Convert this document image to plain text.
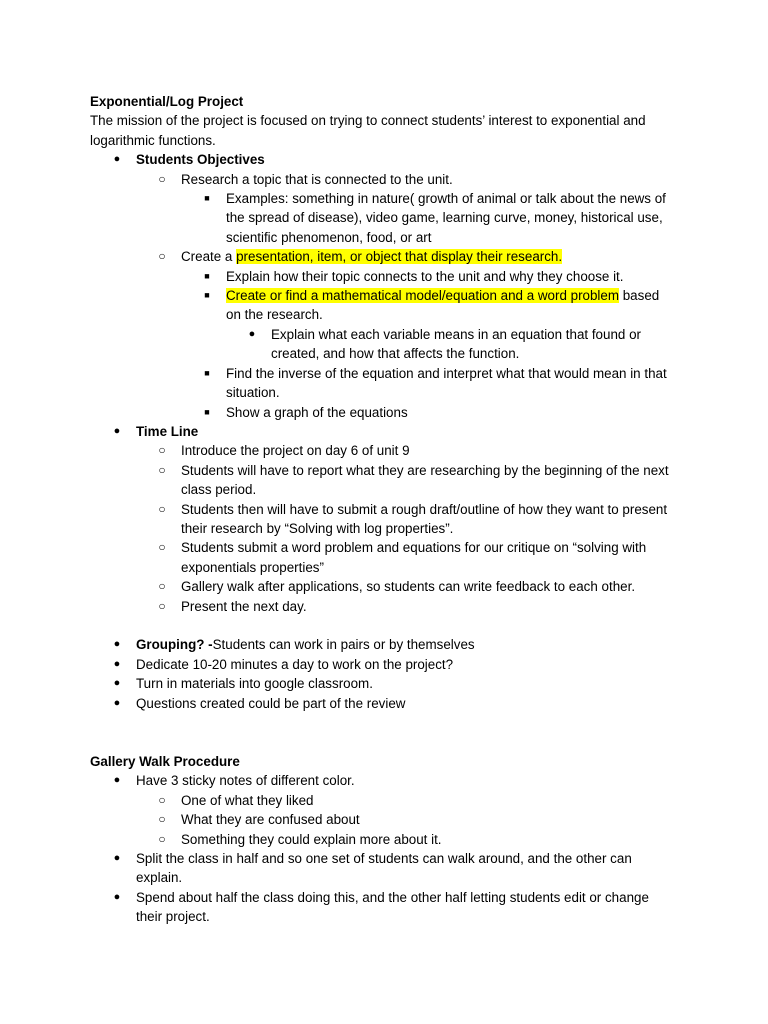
Exponential/Log Project
The mission of the project is focused on trying to connect students’ interest to exponential and logarithmic functions.
● Students Objectives
○ Research a topic that is connected to the unit.
■ Examples: something in nature( growth of animal or talk about the news of the spread of disease), video game, learning curve, money, historical use, scientific phenomenon, food, or art
○ Create a presentation, item, or object that display their research.
■ Explain how their topic connects to the unit and why they choose it.
■ Create or find a mathematical model/equation and a word problem based on the research.
● Explain what each variable means in an equation that found or created, and how that affects the function.
■ Find the inverse of the equation and interpret what that would mean in that situation.
■ Show a graph of the equations
● Time Line
○ Introduce the project on day 6 of unit 9
○ Students will have to report what they are researching by the beginning of the next class period.
○ Students then will have to submit a rough draft/outline of how they want to present their research by “Solving with log properties”.
○ Students submit a word problem and equations for our critique on “solving with exponentials properties”
○ Gallery walk after applications, so students can write feedback to each other.
○ Present the next day.
● Grouping? -Students can work in pairs or by themselves
● Dedicate 10-20 minutes a day to work on the project?
● Turn in materials into google classroom.
● Questions created could be part of the review
Gallery Walk Procedure
● Have 3 sticky notes of different color.
○ One of what they liked
○ What they are confused about
○ Something they could explain more about it.
● Split the class in half and so one set of students can walk around, and the other can explain.
● Spend about half the class doing this, and the other half letting students edit or change their project.
